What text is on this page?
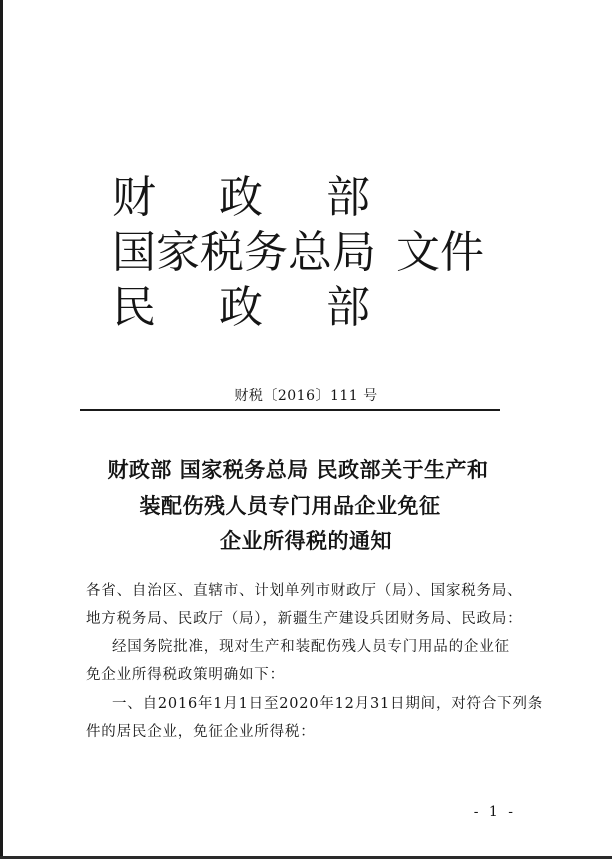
财 政 部
国家税务总局 文件
民 政 部
财税〔2016〕111 号
财政部 国家税务总局 民政部关于生产和
装配伤残人员专门用品企业免征
企业所得税的通知
各省、自治区、直辖市、计划单列市财政厅（局）、国家税务局、
地方税务局、民政厅（局），新疆生产建设兵团财务局、民政局：
经国务院批准，现对生产和装配伤残人员专门用品的企业征
免企业所得税政策明确如下：
一、自2016年1月1日至2020年12月31日期间，对符合下列条
件的居民企业，免征企业所得税：
- 1 -
